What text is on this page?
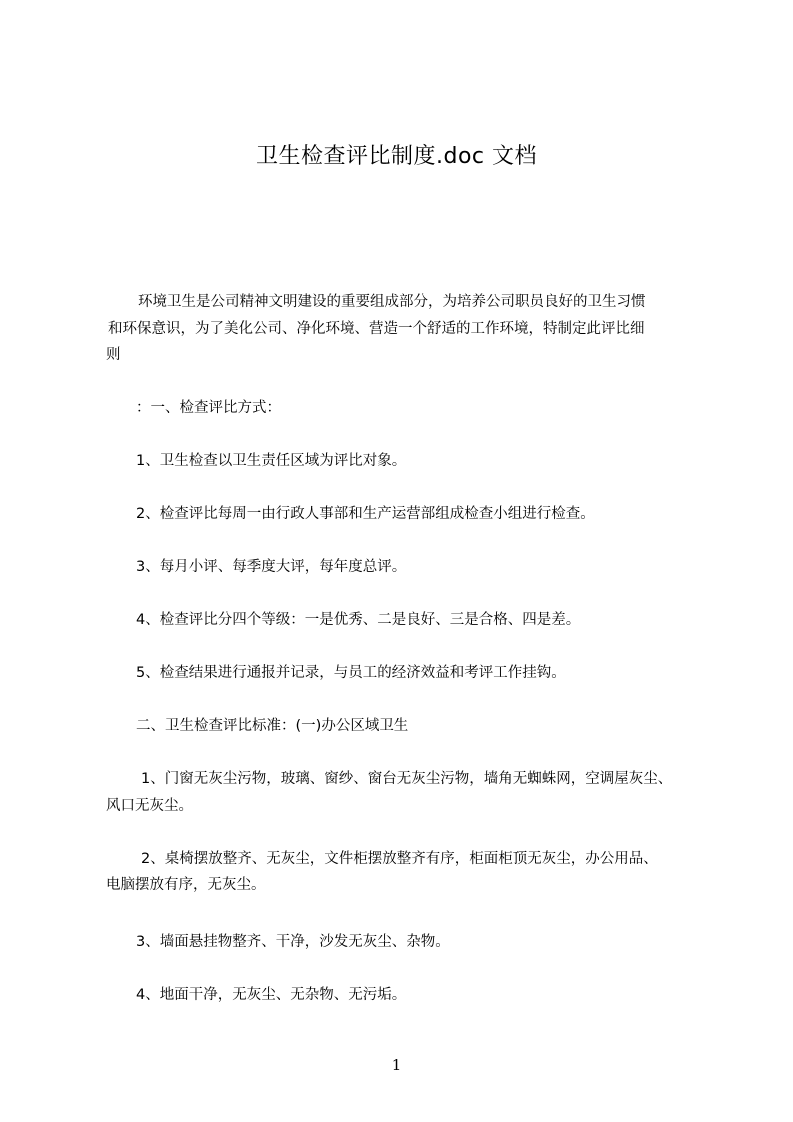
卫生检查评比制度.doc 文档
环境卫生是公司精神文明建设的重要组成部分，为培养公司职员良好的卫生习惯
和环保意识，为了美化公司、净化环境、营造一个舒适的工作环境，特制定此评比细
则
：一、检查评比方式：
1、卫生检查以卫生责任区域为评比对象。
2、检查评比每周一由行政人事部和生产运营部组成检查小组进行检查。
3、每月小评、每季度大评，每年度总评。
4、检查评比分四个等级：一是优秀、二是良好、三是合格、四是差。
5、检查结果进行通报并记录，与员工的经济效益和考评工作挂钩。
二、卫生检查评比标准：(一)办公区域卫生
1、门窗无灰尘污物，玻璃、窗纱、窗台无灰尘污物，墙角无蜘蛛网，空调屋灰尘、
风口无灰尘。
2、桌椅摆放整齐、无灰尘，文件柜摆放整齐有序，柜面柜顶无灰尘，办公用品、
电脑摆放有序，无灰尘。
3、墙面悬挂物整齐、干净，沙发无灰尘、杂物。
4、地面干净，无灰尘、无杂物、无污垢。
1
